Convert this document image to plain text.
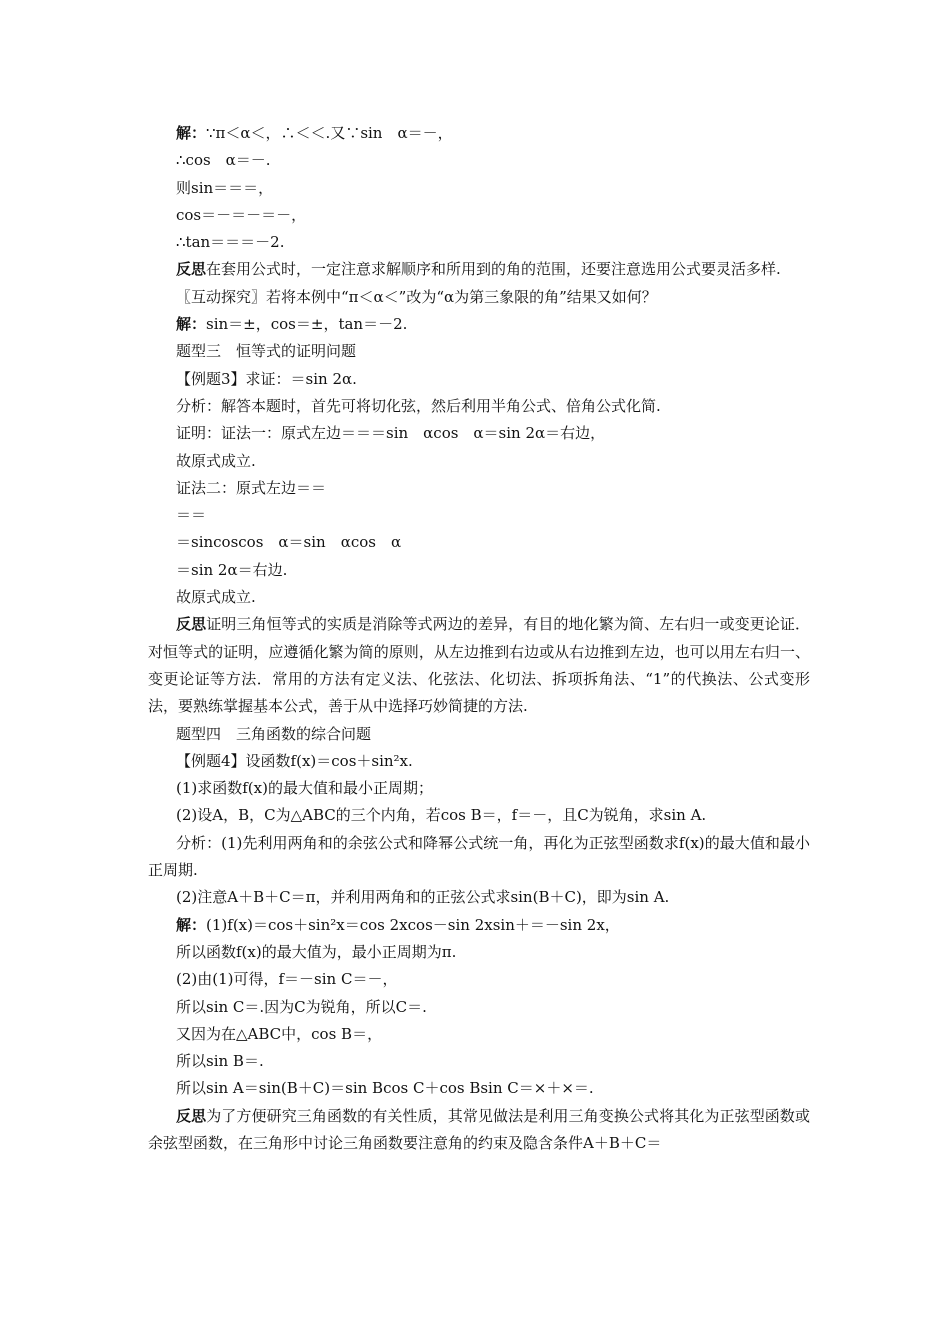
解：∵π＜α＜，∴＜＜.又∵sin　α＝－，

∴cos　α＝－.

则sin＝＝＝，

cos＝－＝－＝－，

∴tan＝＝＝－2.

反思在套用公式时，一定注意求解顺序和所用到的角的范围，还要注意选用公式要灵活多样.

〖互动探究〗若将本例中“π＜α＜”改为“α为第三象限的角”结果又如何？

解：sin＝±，cos＝±，tan＝－2.

题型三　恒等式的证明问题

【例题3】求证：＝sin 2α.

分析：解答本题时，首先可将切化弦，然后利用半角公式、倍角公式化简.

证明：证法一：原式左边＝＝＝sin　αcos　α＝sin 2α＝右边，

故原式成立.

证法二：原式左边＝＝

＝＝

＝sincoscos　α＝sin　αcos　α

＝sin 2α＝右边.

故原式成立.

反思证明三角恒等式的实质是消除等式两边的差异，有目的地化繁为简、左右归一或变更论证．对恒等式的证明，应遵循化繁为简的原则，从左边推到右边或从右边推到左边，也可以用左右归一、变更论证等方法．常用的方法有定义法、化弦法、化切法、拆项拆角法、“1”的代换法、公式变形法，要熟练掌握基本公式，善于从中选择巧妙简捷的方法.

题型四　三角函数的综合问题

【例题4】设函数f(x)＝cos＋sin²x.

(1)求函数f(x)的最大值和最小正周期；

(2)设A，B，C为△ABC的三个内角，若cos B＝，f＝－，且C为锐角，求sin A.

分析：(1)先利用两角和的余弦公式和降幂公式统一角，再化为正弦型函数求f(x)的最大值和最小正周期.

(2)注意A＋B＋C＝π，并利用两角和的正弦公式求sin(B＋C)，即为sin A.

解：(1)f(x)＝cos＋sin²x＝cos 2xcos－sin 2xsin＋＝－sin 2x，

所以函数f(x)的最大值为，最小正周期为π.

(2)由(1)可得，f＝－sin C＝－，

所以sin C＝.因为C为锐角，所以C＝.

又因为在△ABC中，cos B＝，

所以sin B＝.

所以sin A＝sin(B＋C)＝sin Bcos C＋cos Bsin C＝×＋×＝.

反思为了方便研究三角函数的有关性质，其常见做法是利用三角变换公式将其化为正弦型函数或余弦型函数，在三角形中讨论三角函数要注意角的约束及隐含条件A＋B＋C＝
